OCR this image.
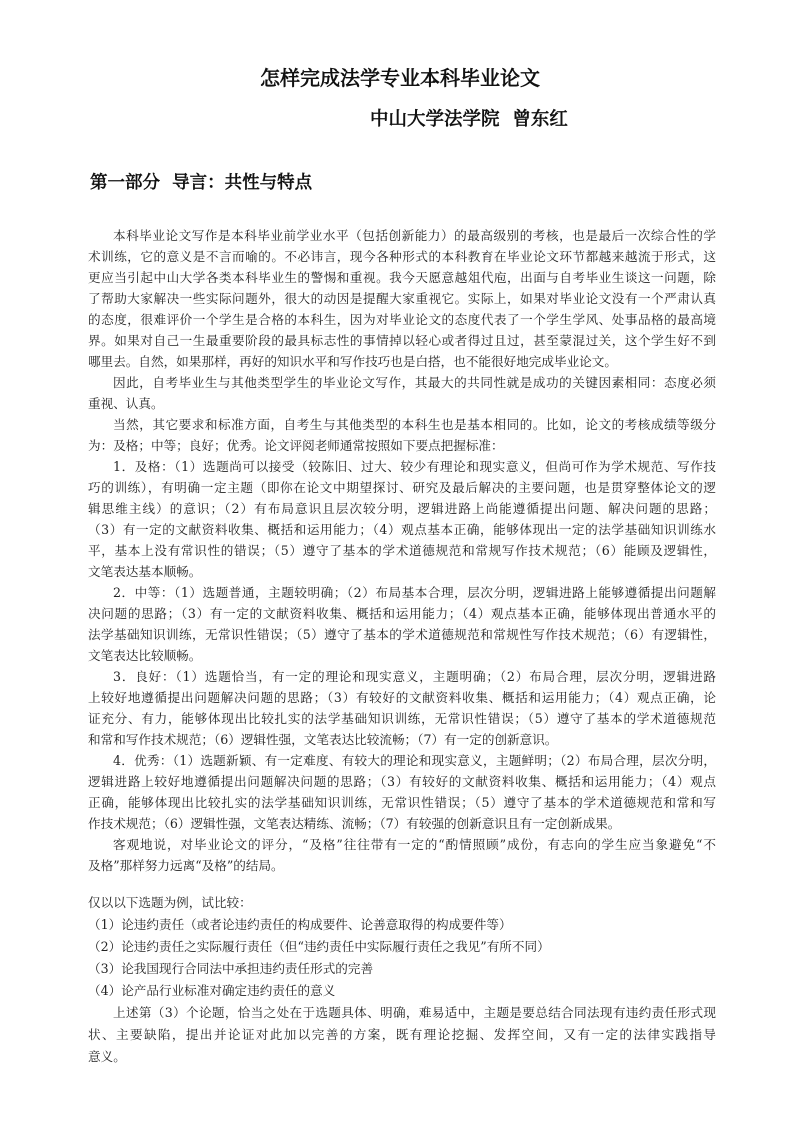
怎样完成法学专业本科毕业论文
中山大学法学院  曾东红
第一部分  导言：共性与特点
本科毕业论文写作是本科毕业前学业水平（包括创新能力）的最高级别的考核，也是最后一次综合性的学
术训练，它的意义是不言而喻的。不必讳言，现今各种形式的本科教育在毕业论文环节都越来越流于形式，这
更应当引起中山大学各类本科毕业生的警惕和重视。我今天愿意越俎代庖，出面与自考毕业生谈这一问题，除
了帮助大家解决一些实际问题外，很大的动因是提醒大家重视它。实际上，如果对毕业论文没有一个严肃认真
的态度，很难评价一个学生是合格的本科生，因为对毕业论文的态度代表了一个学生学风、处事品格的最高境
界。如果对自己一生最重要阶段的最具标志性的事情掉以轻心或者得过且过，甚至蒙混过关，这个学生好不到
哪里去。自然，如果那样，再好的知识水平和写作技巧也是白搭，也不能很好地完成毕业论文。
因此，自考毕业生与其他类型学生的毕业论文写作，其最大的共同性就是成功的关键因素相同：态度必须
重视、认真。
当然，其它要求和标准方面，自考生与其他类型的本科生也是基本相同的。比如，论文的考核成绩等级分
为：及格；中等；良好；优秀。论文评阅老师通常按照如下要点把握标准：
1．及格：（1）选题尚可以接受（较陈旧、过大、较少有理论和现实意义，但尚可作为学术规范、写作技
巧的训练），有明确一定主题（即你在论文中期望探讨、研究及最后解决的主要问题，也是贯穿整体论文的逻
辑思维主线）的意识；（2）有布局意识且层次较分明，逻辑进路上尚能遵循提出问题、解决问题的思路；
（3）有一定的文献资料收集、概括和运用能力；（4）观点基本正确，能够体现出一定的法学基础知识训练水
平，基本上没有常识性的错误；（5）遵守了基本的学术道德规范和常规写作技术规范；（6）能顾及逻辑性，
文笔表达基本顺畅。
2．中等：（1）选题普通，主题较明确；（2）布局基本合理，层次分明，逻辑进路上能够遵循提出问题解
决问题的思路；（3）有一定的文献资料收集、概括和运用能力；（4）观点基本正确，能够体现出普通水平的
法学基础知识训练，无常识性错误；（5）遵守了基本的学术道德规范和常规性写作技术规范；（6）有逻辑性，
文笔表达比较顺畅。
3．良好：（1）选题恰当，有一定的理论和现实意义，主题明确；（2）布局合理，层次分明，逻辑进路
上较好地遵循提出问题解决问题的思路；（3）有较好的文献资料收集、概括和运用能力；（4）观点正确，论
证充分、有力，能够体现出比较扎实的法学基础知识训练，无常识性错误；（5）遵守了基本的学术道德规范
和常和写作技术规范；（6）逻辑性强，文笔表达比较流畅；（7）有一定的创新意识。
4．优秀：（1）选题新颖、有一定难度、有较大的理论和现实意义，主题鲜明；（2）布局合理，层次分明，
逻辑进路上较好地遵循提出问题解决问题的思路；（3）有较好的文献资料收集、概括和运用能力；（4）观点
正确，能够体现出比较扎实的法学基础知识训练，无常识性错误；（5）遵守了基本的学术道德规范和常和写
作技术规范；（6）逻辑性强，文笔表达精练、流畅；（7）有较强的创新意识且有一定创新成果。
客观地说，对毕业论文的评分，“及格”往往带有一定的“酌情照顾”成份，有志向的学生应当象避免“不
及格”那样努力远离“及格”的结局。
仅以以下选题为例，试比较：
（1）论违约责任（或者论违约责任的构成要件、论善意取得的构成要件等）
（2）论违约责任之实际履行责任（但“违约责任中实际履行责任之我见”有所不同）
（3）论我国现行合同法中承担违约责任形式的完善
（4）论产品行业标准对确定违约责任的意义
上述第（3）个论题，恰当之处在于选题具体、明确，难易适中，主题是要总结合同法现有违约责任形式现
状、主要缺陷，提出并论证对此加以完善的方案，既有理论挖掘、发挥空间，又有一定的法律实践指导
意义。
